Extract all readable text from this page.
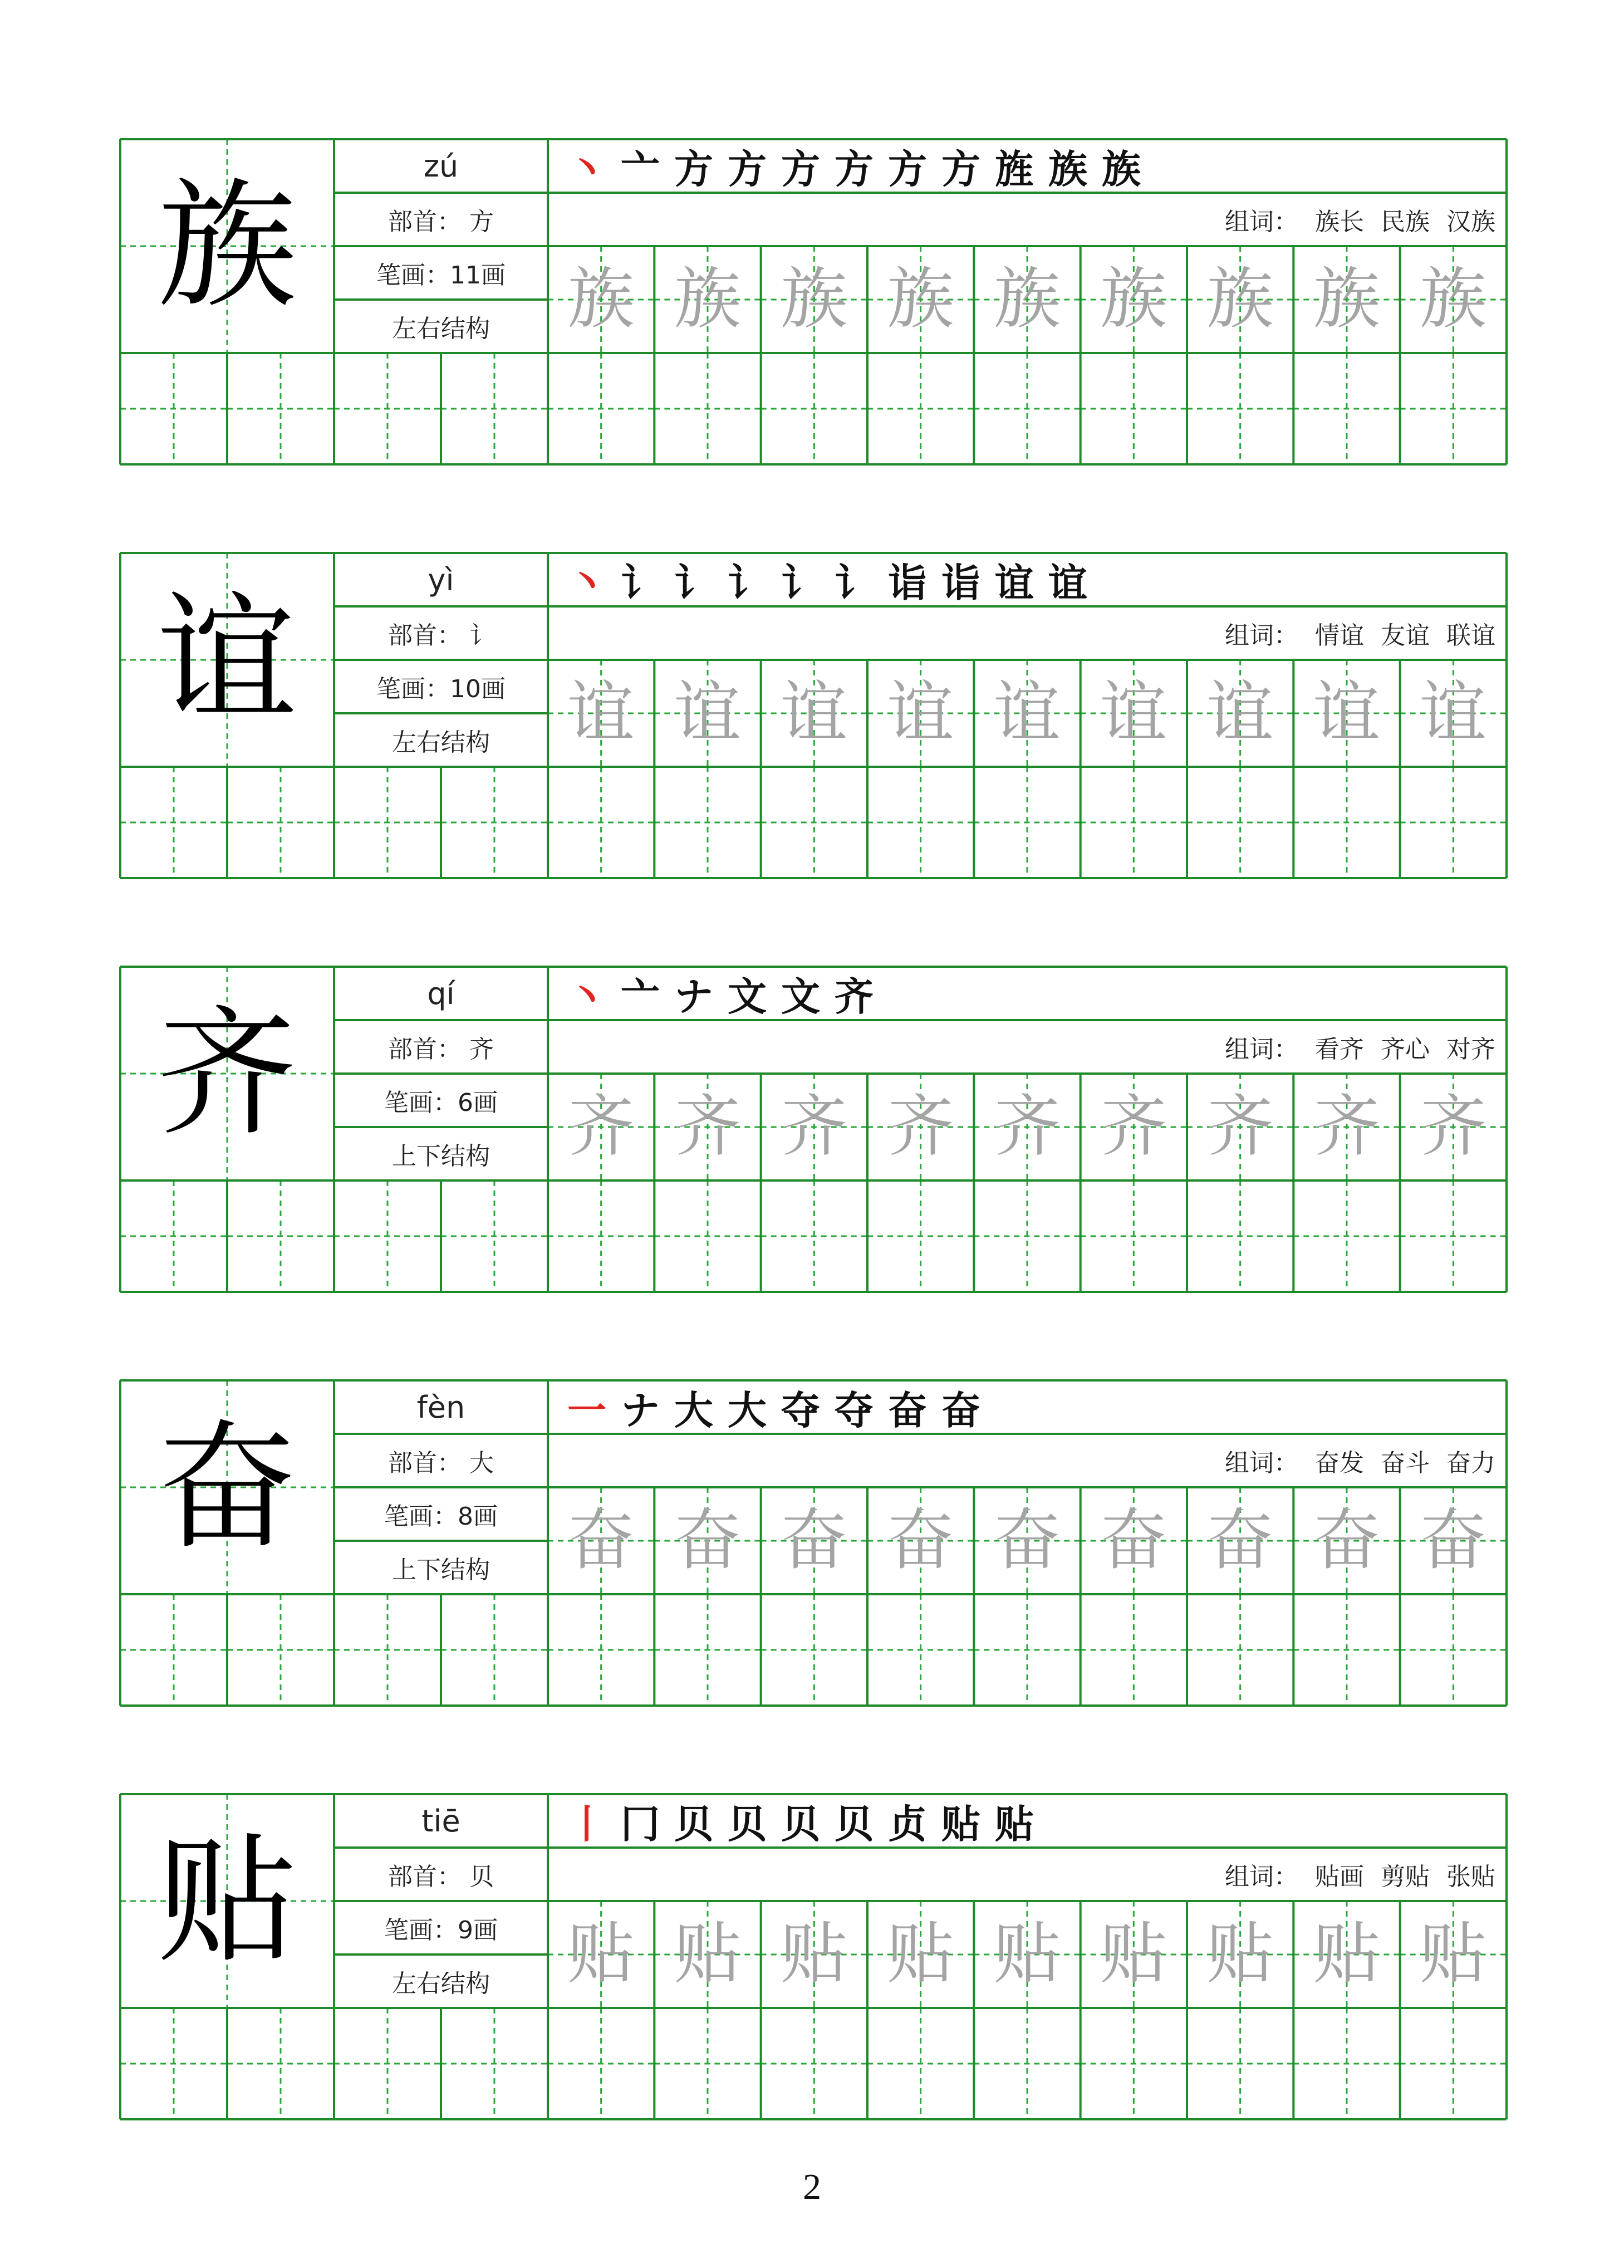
族	zú
部首： 方
笔画：11画
左右结构
丶 亠 方 方 方 方 方 方 旌 族 族
组词： 族长 民族 汉族
族 族 族 族 族 族 族 族 族
谊	yì
部首： 讠
笔画：10画
左右结构
丶 讠 讠 讠 讠 讠 诣 诣 谊 谊
组词： 情谊 友谊 联谊
谊 谊 谊 谊 谊 谊 谊 谊 谊
齐	qí
部首： 齐
笔画：6画
上下结构
丶 亠 ナ 文 文 齐
组词： 看齐 齐心 对齐
齐 齐 齐 齐 齐 齐 齐 齐 齐
奋	fèn
部首： 大
笔画：8画
上下结构
一 ナ 大 大 夺 夺 奋 奋
组词： 奋发 奋斗 奋力
奋 奋 奋 奋 奋 奋 奋 奋 奋
贴	tiē
部首： 贝
笔画：9画
左右结构
丨 冂 贝 贝 贝 贝 贞 贴 贴
组词： 贴画 剪贴 张贴
贴 贴 贴 贴 贴 贴 贴 贴 贴
2
